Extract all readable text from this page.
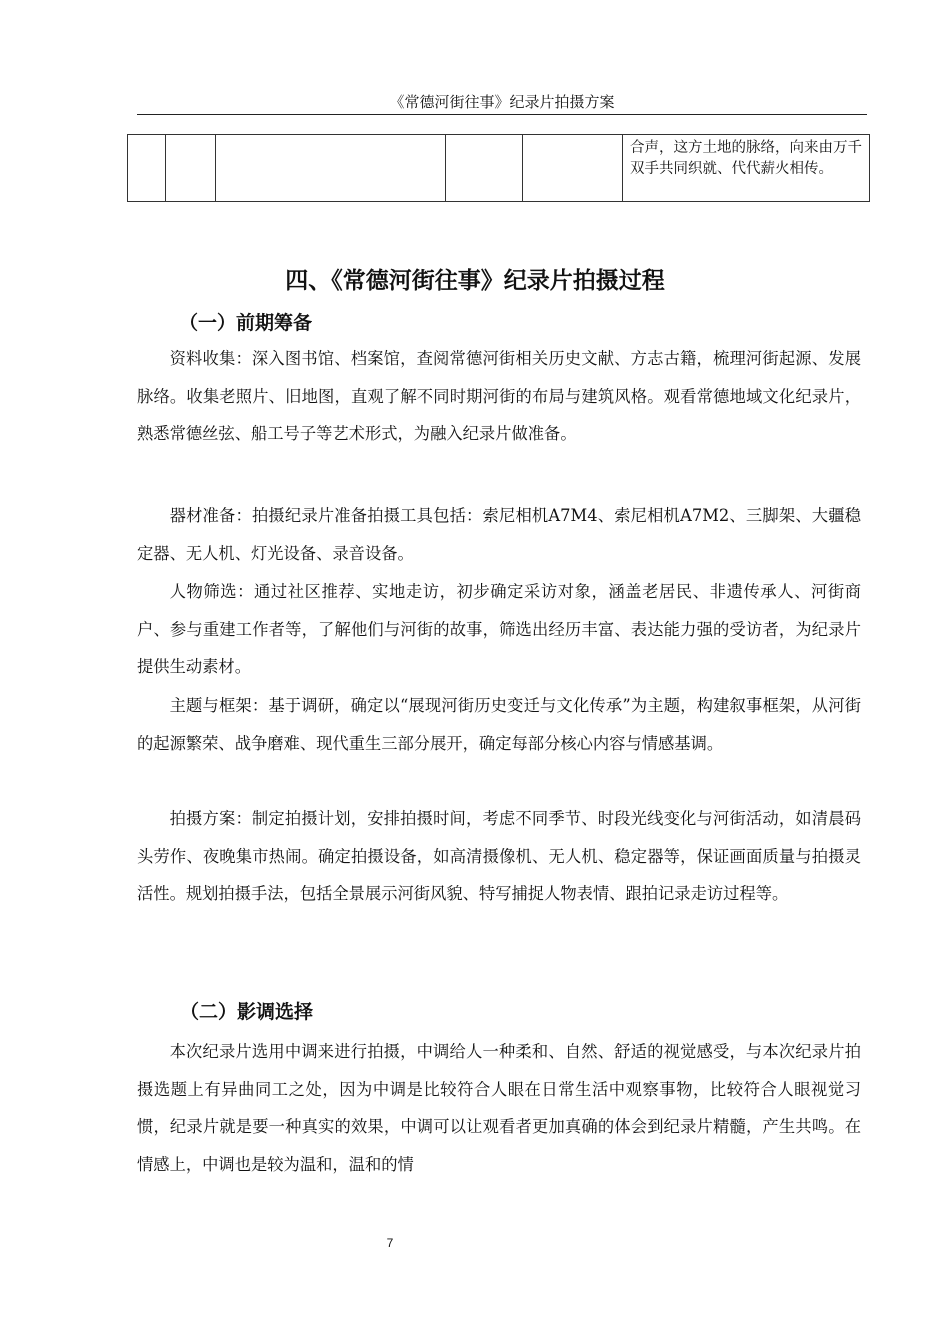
《常德河街往事》纪录片拍摄方案
					合声，这方土地的脉络，向来由万千双手共同织就、代代薪火相传。
四、《常德河街往事》纪录片拍摄过程
（一）前期筹备

资料收集：深入图书馆、档案馆，查阅常德河街相关历史文献、方志古籍，梳理河街起源、发展脉络。收集老照片、旧地图，直观了解不同时期河街的布局与建筑风格。观看常德地域文化纪录片，熟悉常德丝弦、船工号子等艺术形式，为融入纪录片做准备。

器材准备：拍摄纪录片准备拍摄工具包括：索尼相机A7M4、索尼相机A7M2、三脚架、大疆稳定器、无人机、灯光设备、录音设备。

人物筛选：通过社区推荐、实地走访，初步确定采访对象，涵盖老居民、非遗传承人、河街商户、参与重建工作者等，了解他们与河街的故事，筛选出经历丰富、表达能力强的受访者，为纪录片提供生动素材。

主题与框架：基于调研，确定以“展现河街历史变迁与文化传承”为主题，构建叙事框架，从河街的起源繁荣、战争磨难、现代重生三部分展开，确定每部分核心内容与情感基调。

拍摄方案：制定拍摄计划，安排拍摄时间，考虑不同季节、时段光线变化与河街活动，如清晨码头劳作、夜晚集市热闹。确定拍摄设备，如高清摄像机、无人机、稳定器等，保证画面质量与拍摄灵活性。规划拍摄手法，包括全景展示河街风貌、特写捕捉人物表情、跟拍记录走访过程等。

（二）影调选择

本次纪录片选用中调来进行拍摄，中调给人一种柔和、自然、舒适的视觉感受，与本次纪录片拍摄选题上有异曲同工之处，因为中调是比较符合人眼在日常生活中观察事物，比较符合人眼视觉习惯，纪录片就是要一种真实的效果，中调可以让观看者更加真确的体会到纪录片精髓，产生共鸣。在情感上，中调也是较为温和，温和的情

7
